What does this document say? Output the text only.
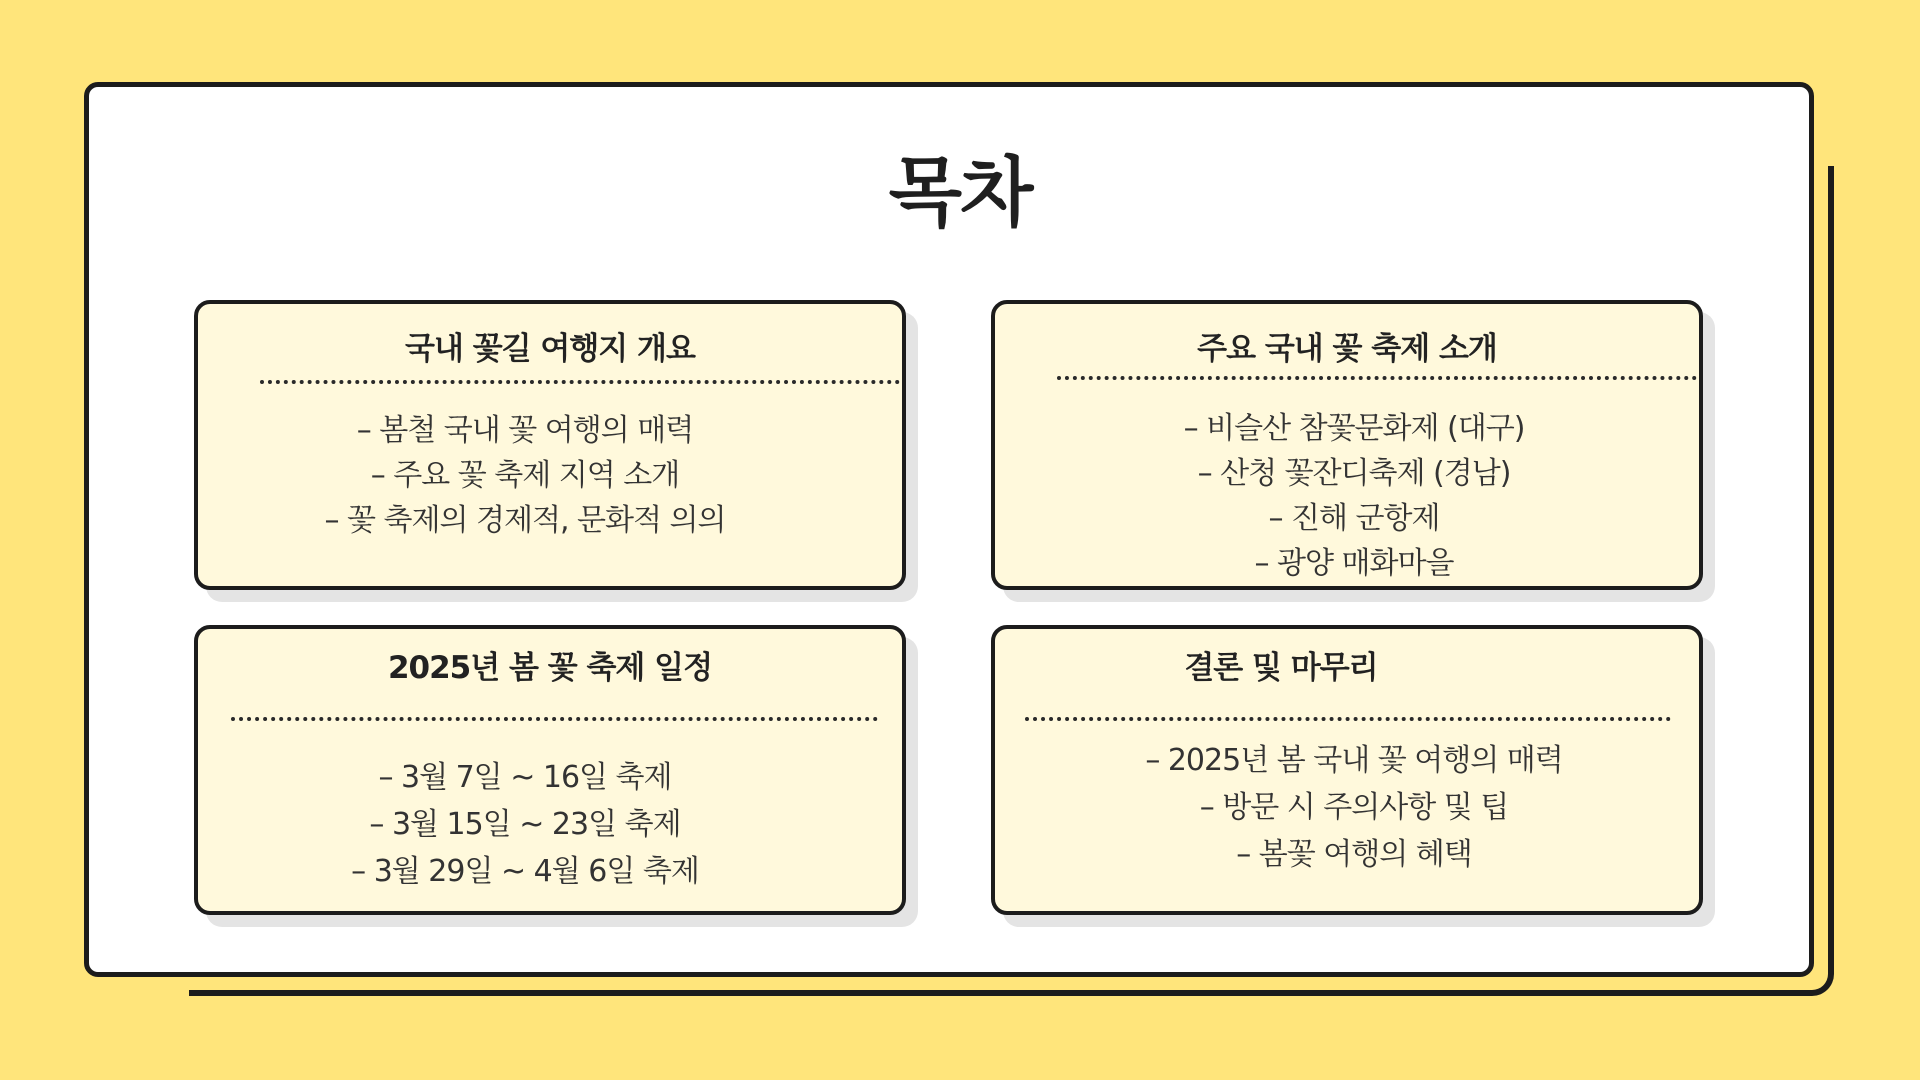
목차
국내 꽃길 여행지 개요
– 봄철 국내 꽃 여행의 매력
– 주요 꽃 축제 지역 소개
– 꽃 축제의 경제적, 문화적 의의
주요 국내 꽃 축제 소개
– 비슬산 참꽃문화제 (대구)
– 산청 꽃잔디축제 (경남)
– 진해 군항제
– 광양 매화마을
2025년 봄 꽃 축제 일정
– 3월 7일 ~ 16일 축제
– 3월 15일 ~ 23일 축제
– 3월 29일 ~ 4월 6일 축제
결론 및 마무리
– 2025년 봄 국내 꽃 여행의 매력
– 방문 시 주의사항 및 팁
– 봄꽃 여행의 혜택
